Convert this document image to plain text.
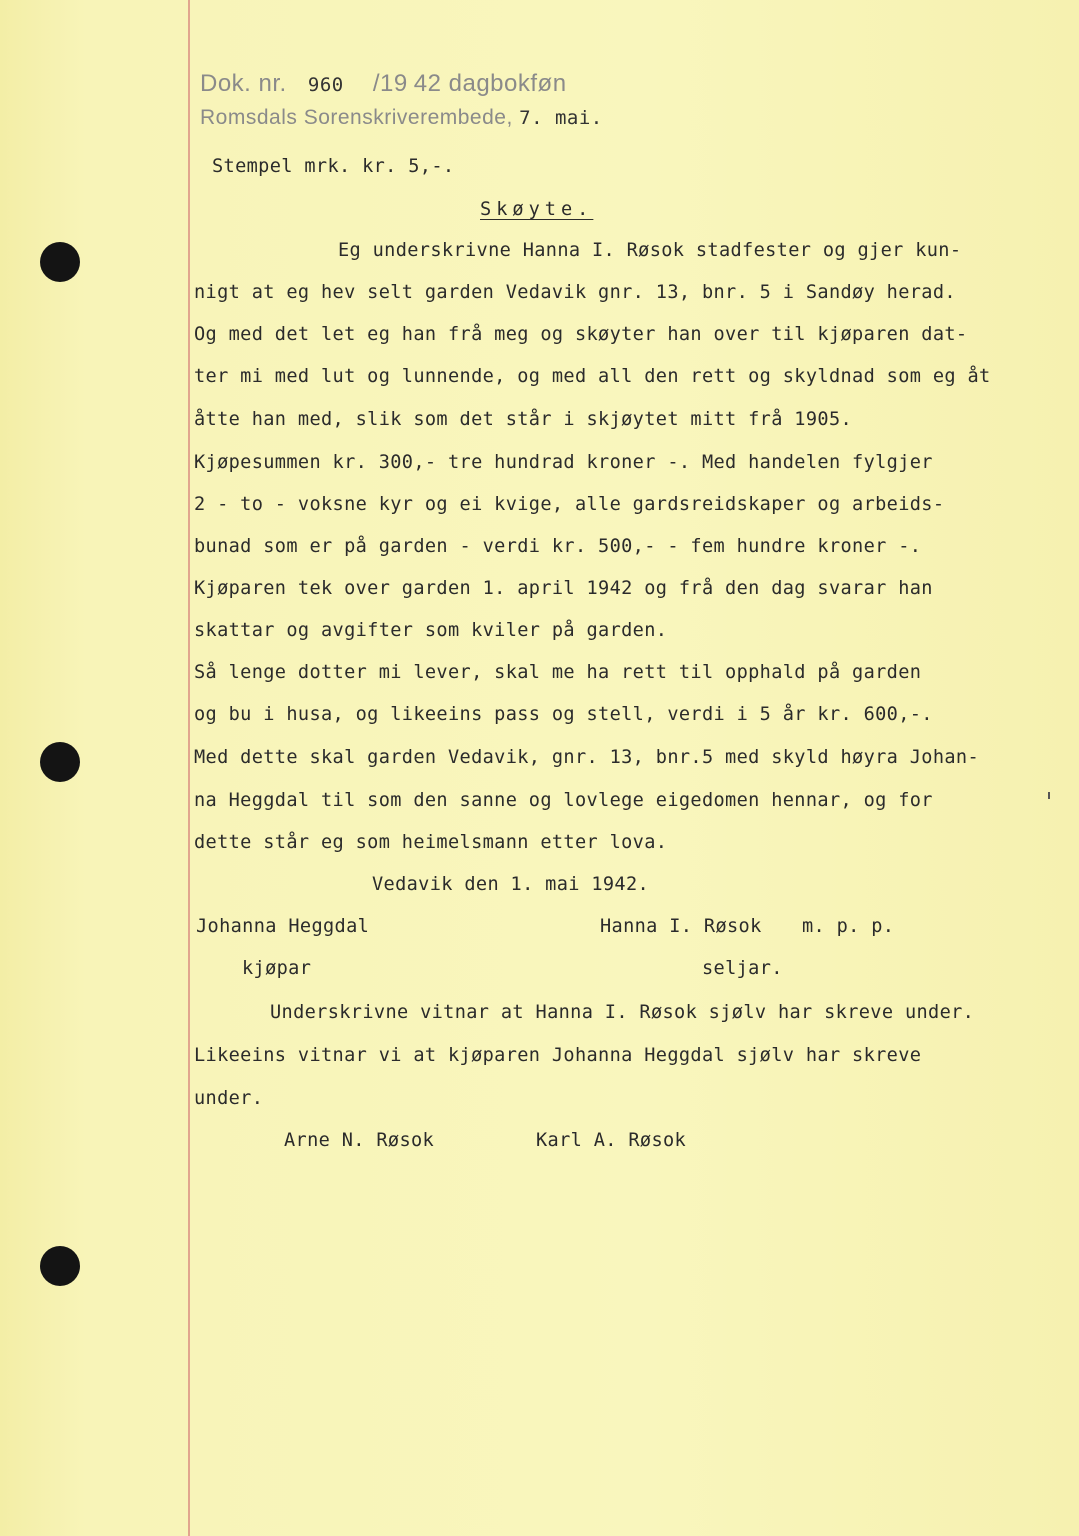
Dok. nr. 960 /19 42 dagbokføn
Romsdals Sorenskriverembede, 7. mai.
Stempel mrk. kr. 5,-.
Skøyte.
Eg underskrivne Hanna I. Røsok stadfester og gjer kun-
nigt at eg hev selt garden Vedavik gnr. 13, bnr. 5 i Sandøy herad.
Og med det let eg han frå meg og skøyter han over til kjøparen dat-
ter mi med lut og lunnende, og med all den rett og skyldnad som eg åt
åtte han med, slik som det står i skjøytet mitt frå 1905.
Kjøpesummen kr. 300,- tre hundrad kroner -. Med handelen fylgjer
2 - to - voksne kyr og ei kvige, alle gardsreidskaper og arbeids-
bunad som er på garden - verdi kr. 500,- - fem hundre kroner -.
Kjøparen tek over garden 1. april 1942 og frå den dag svarar han
skattar og avgifter som kviler på garden.
Så lenge dotter mi lever, skal me ha rett til opphald på garden
og bu i husa, og likeeins pass og stell, verdi i 5 år kr. 600,-.
Med dette skal garden Vedavik, gnr. 13, bnr.5 med skyld høyra Johan-
na Heggdal til som den sanne og lovlege eigedomen hennar, og for
dette står eg som heimelsmann etter lova.
Vedavik den 1. mai 1942.
Johanna Heggdal	Hanna I. Røsok m. p. p.
kjøpar	seljar.
Underskrivne vitnar at Hanna I. Røsok sjølv har skreve under.
Likeeins vitnar vi at kjøparen Johanna Heggdal sjølv har skreve
under.
Arne N. Røsok	Karl A. Røsok
